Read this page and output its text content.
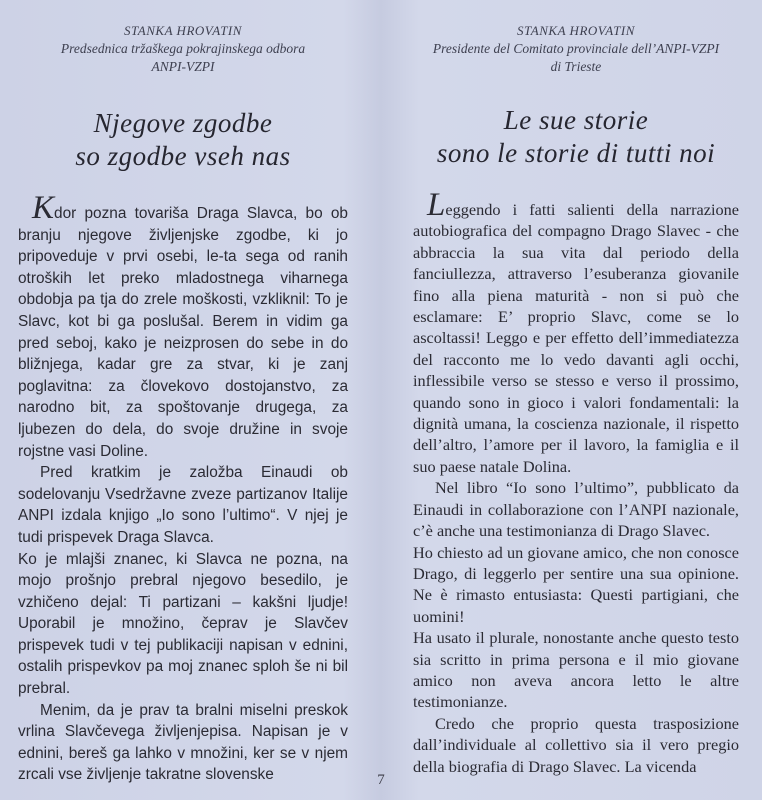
STANKA HROVATIN
Predsednica tržaškega pokrajinskega odbora
ANPI-VZPI
Njegove zgodbe
so zgodbe vseh nas

Kdor pozna tovariša Draga Slavca, bo ob branju njegove življenjske zgodbe, ki jo pripoveduje v prvi osebi, le-ta sega od ranih otroških let preko mladostnega viharnega obdobja pa tja do zrele moškosti, vzkliknil: To je Slavc, kot bi ga poslušal. Berem in vidim ga pred seboj, kako je neizprosen do sebe in do bližnjega, kadar gre za stvar, ki je zanj poglavitna: za človekovo dostojanstvo, za narodno bit, za spoštovanje drugega, za ljubezen do dela, do svoje družine in svoje rojstne vasi Doline.

Pred kratkim je založba Einaudi ob sodelovanju Vsedržavne zveze partizanov Italije ANPI izdala knjigo „Io sono l’ultimo“. V njej je tudi prispevek Draga Slavca.

Ko je mlajši znanec, ki Slavca ne pozna, na mojo prošnjo prebral njegovo besedilo, je vzhičeno dejal: Ti partizani – kakšni ljudje! Uporabil je množino, čeprav je Slavčev prispevek tudi v tej publikaciji napisan v ednini, ostalih prispevkov pa moj znanec sploh še ni bil prebral.

Menim, da je prav ta bralni miselni preskok vrlina Slavčevega življenjepisa. Napisan je v ednini, bereš ga lahko v množini, ker se v njem zrcali vse življenje takratne slovenske

STANKA HROVATIN
Presidente del Comitato provinciale dell’ANPI-VZPI
di Trieste
Le sue storie
sono le storie di tutti noi

Leggendo i fatti salienti della narrazione autobiografica del compagno Drago Slavec - che abbraccia la sua vita dal periodo della fanciullezza, attraverso l’esuberanza giovanile fino alla piena maturità - non si può che esclamare: E’ proprio Slavc, come se lo ascoltassi! Leggo e per effetto dell’immediatezza del racconto me lo vedo davanti agli occhi, inflessibile verso se stesso e verso il prossimo, quando sono in gioco i valori fondamentali: la dignità umana, la coscienza nazionale, il rispetto dell’altro, l’amore per il lavoro, la famiglia e il suo paese natale Dolina.

Nel libro “Io sono l’ultimo”, pubblicato da Einaudi in collaborazione con l’ANPI nazionale, c’è anche una testimonianza di Drago Slavec.

Ho chiesto ad un giovane amico, che non conosce Drago, di leggerlo per sentire una sua opinione. Ne è rimasto entusiasta: Questi partigiani, che uomini!

Ha usato il plurale, nonostante anche questo testo sia scritto in prima persona e il mio giovane amico non aveva ancora letto le altre testimonianze.

Credo che proprio questa trasposizione dall’individuale al collettivo sia il vero pregio della biografia di Drago Slavec. La vicenda

7
